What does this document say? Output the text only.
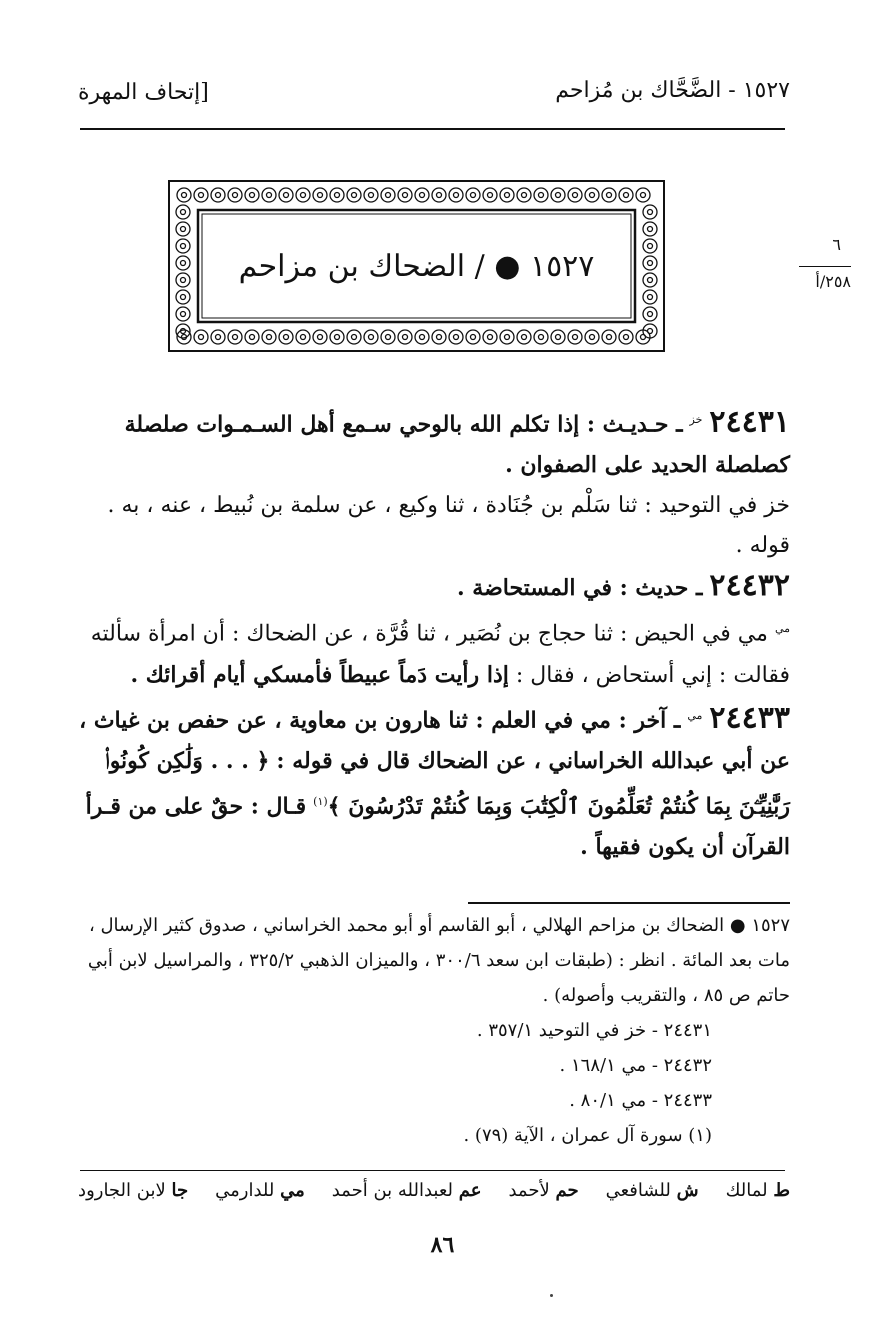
١٥٢٧ - الضَّحَّاك بن مُزاحم
[إتحاف المهرة
١٥٢٧ ● / الضحاك بن مزاحم
٦
٢٥٨/أ

٢٤٤٣١ $^{خز}$ ـ حـديـث : إذا تكلم الله بالوحي سـمع أهل السـمـوات صلصلة كصلصلة الحديد على الصفوان .

خز في التوحيد : ثنا سَلْم بن جُنَادة ، ثنا وكيع ، عن سلمة بن نُبيط ، عنه ، به . قوله .

٢٤٤٣٢ ـ حديث : في المستحاضة .

$^{مي}$ مي في الحيض : ثنا حجاج بن نُصَير ، ثنا قُرَّة ، عن الضحاك : أن امرأة سألته فقالت : إني أستحاض ، فقال : إذا رأيت دَماً عبيطاً فأمسكي أيام أقرائك .

٢٤٤٣٣ $^{مي}$ ـ آخر : مي في العلم : ثنا هارون بن معاوية ، عن حفص بن غياث ، عن أبي عبدالله الخراساني ، عن الضحاك قال في قوله : ﴿ . . . وَلَٰكِن كُونُوا۟ رَبَّٰنِيِّـۧنَ بِمَا كُنتُمْ تُعَلِّمُونَ ٱلْكِتَٰبَ وَبِمَا كُنتُمْ تَدْرُسُونَ ﴾$^{(١)}$ قـال : حقٌ على من قـرأ القرآن أن يكون فقيهاً .

١٥٢٧ ● الضحاك بن مزاحم الهلالي ، أبو القاسم أو أبو محمد الخراساني ، صدوق كثير الإرسال ، مات بعد المائة . انظر : (طبقات ابن سعد ٣٠٠/٦ ، والميزان الذهبي ٣٢٥/٢ ، والمراسيل لابن أبي حاتم ص ٨٥ ، والتقريب وأصوله) .

٢٤٤٣١ - خز في التوحيد ٣٥٧/١ .

٢٤٤٣٢ - مي ١٦٨/١ .

٢٤٤٣٣ - مي ٨٠/١ .

(١) سورة آل عمران ، الآية (٧٩) .

ط لمالك
ش للشافعي
حم لأحمد
عم لعبدالله بن أحمد
مي للدارمي
جا لابن الجارود
٨٦
